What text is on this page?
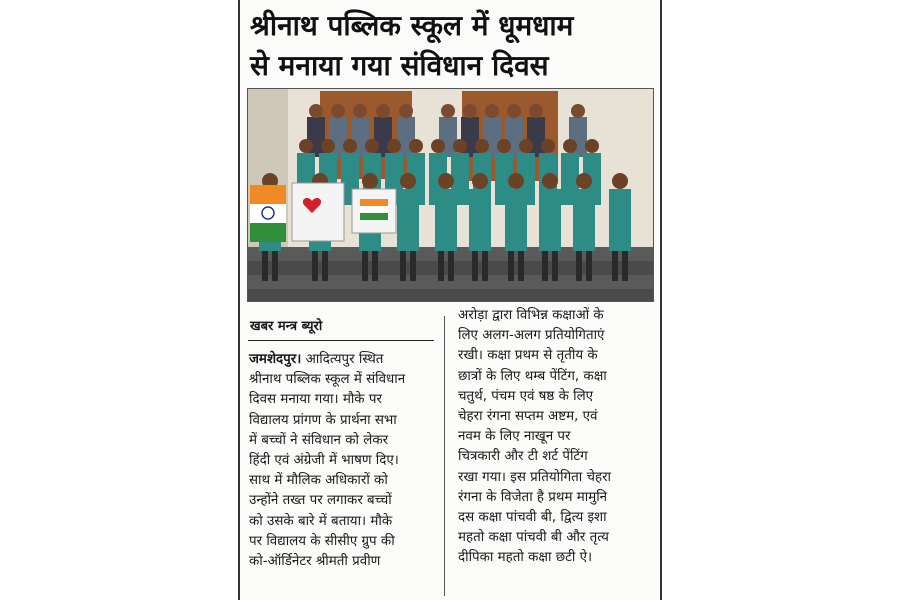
श्रीनाथ पब्लिक स्कूल में धूमधाम
से मनाया गया संविधान दिवस
खबर मन्त्र ब्यूरो
जमशेदपुर। आदित्यपुर स्थित
श्रीनाथ पब्लिक स्कूल में संविधान
दिवस मनाया गया। मौके पर
विद्यालय प्रांगण के प्रार्थना सभा
में बच्चों ने संविधान को लेकर
हिंदी एवं अंग्रेजी में भाषण दिए।
साथ में मौलिक अधिकारों को
उन्होंने तख्त पर लगाकर बच्चों
को उसके बारे में बताया। मौके
पर विद्यालय के सीसीए ग्रुप की
को-ऑर्डिनेटर श्रीमती प्रवीण
अरोड़ा द्वारा विभिन्न कक्षाओं के
लिए अलग-अलग प्रतियोगिताएं
रखी। कक्षा प्रथम से तृतीय के
छात्रों के लिए थम्ब पेंटिंग, कक्षा
चतुर्थ, पंचम एवं षष्ठ के लिए
चेहरा रंगना सप्तम अष्टम, एवं
नवम के लिए नाखून पर
चित्रकारी और टी शर्ट पेंटिंग
रखा गया। इस प्रतियोगिता चेहरा
रंगना के विजेता है प्रथम मामुनि
दस कक्षा पांचवी बी, द्वित्य इशा
महतो कक्षा पांचवी बी और तृत्य
दीपिका महतो कक्षा छटी ऐ।
